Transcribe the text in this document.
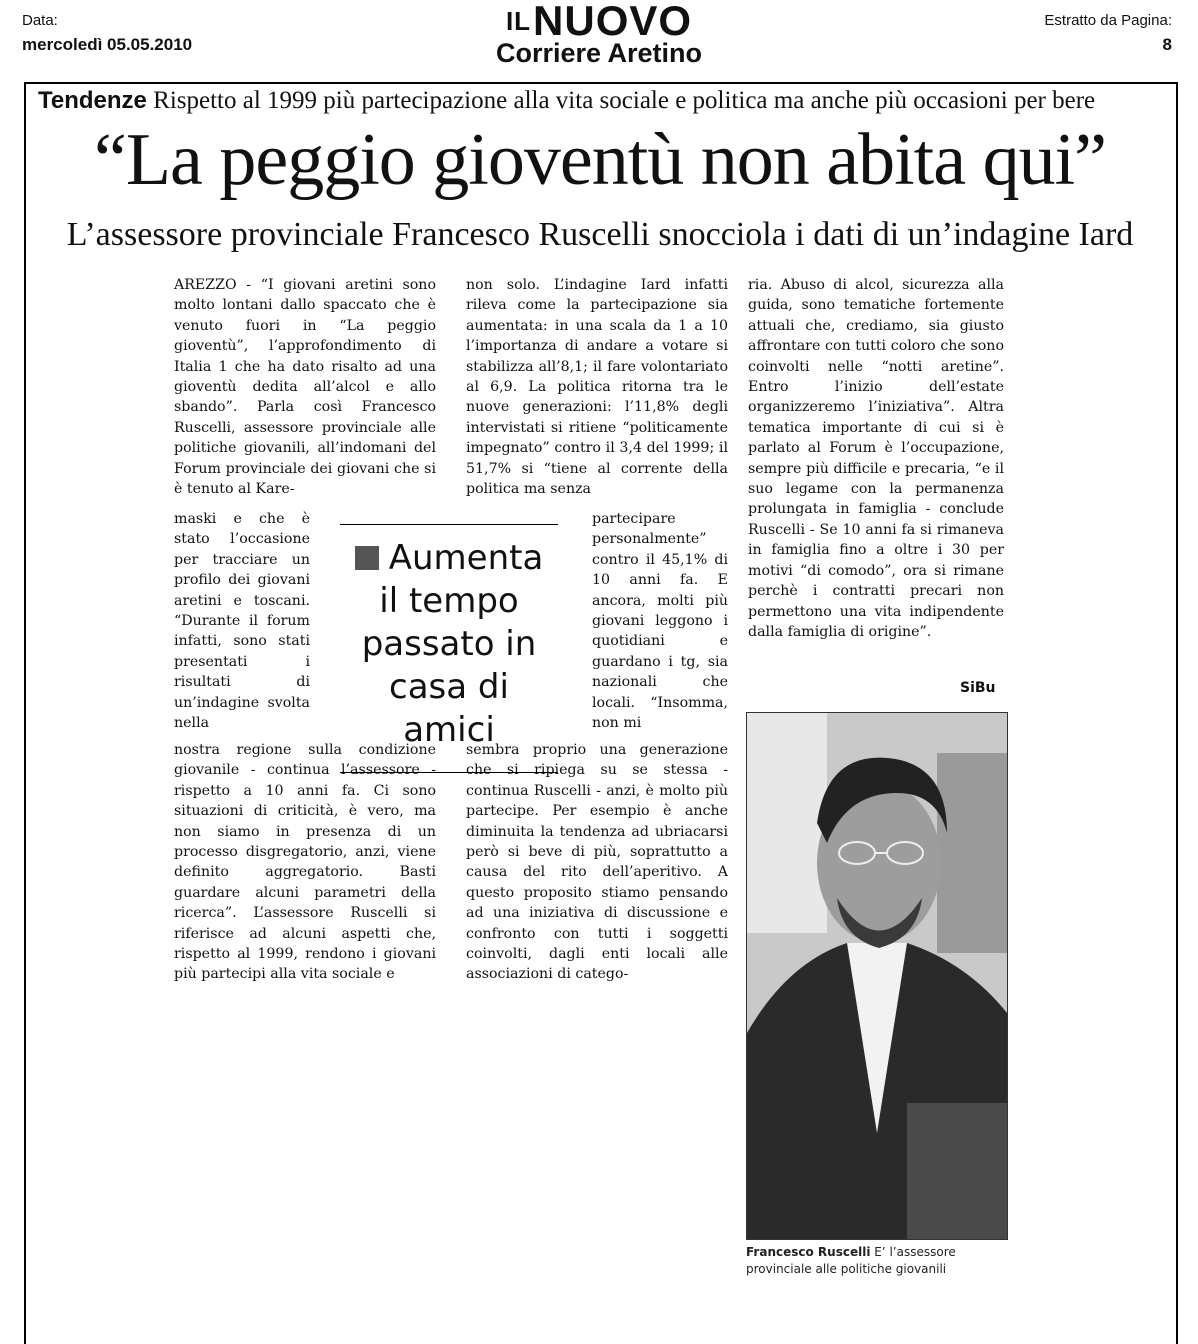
Data:
mercoledì 05.05.2010
$^{IL}$NUOVO
Corriere Aretino
Estratto da Pagina:
8
Tendenze Rispetto al 1999 più partecipazione alla vita sociale e politica ma anche più occasioni per bere
“La peggio gioventù non abita qui”
L’assessore provinciale Francesco Ruscelli snocciola i dati di un’indagine Iard
AREZZO - “I giovani aretini sono molto lontani dallo spaccato che è venuto fuori in “La peggio gioventù”, l’approfondimento di Italia 1 che ha dato risalto ad una gioventù dedita all’alcol e allo sbando”. Parla così Francesco Ruscelli, assessore provinciale alle politiche giovanili, all’indomani del Forum provinciale dei giovani che si è tenuto al Kare-
maski e che è stato l’occasione per tracciare un profilo dei giovani aretini e toscani. “Durante il forum infatti, sono stati presentati i risultati di un’indagine svolta nella
nostra regione sulla condizione giovanile - continua l’assessore - rispetto a 10 anni fa. Ci sono situazioni di criticità, è vero, ma non siamo in presenza di un processo disgregatorio, anzi, viene definito aggregatorio. Basti guardare alcuni parametri della ricerca”. L’assessore Ruscelli si riferisce ad alcuni aspetti che, rispetto al 1999, rendono i giovani più partecipi alla vita sociale e
non solo. L’indagine Iard infatti rileva come la partecipazione sia aumentata: in una scala da 1 a 10 l’importanza di andare a votare si stabilizza all’8,1; il fare volontariato al 6,9. La politica ritorna tra le nuove generazioni: l’11,8% degli intervistati si ritiene “politicamente impegnato” contro il 3,4 del 1999; il 51,7% si “tiene al corrente della politica ma senza
partecipare personalmente” contro il 45,1% di 10 anni fa. E ancora, molti più giovani leggono i quotidiani e guardano i tg, sia nazionali che locali. “Insomma, non mi
sembra proprio una generazione che si ripiega su se stessa - continua Ruscelli - anzi, è molto più partecipe. Per esempio è anche diminuita la tendenza ad ubriacarsi però si beve di più, soprattutto a causa del rito dell’aperitivo. A questo proposito stiamo pensando ad una iniziativa di discussione e confronto con tutti i soggetti coinvolti, dagli enti locali alle associazioni di catego-
Aumenta il tempo passato in casa di amici
ria. Abuso di alcol, sicurezza alla guida, sono tematiche fortemente attuali che, crediamo, sia giusto affrontare con tutti coloro che sono coinvolti nelle “notti aretine”. Entro l’inizio dell’estate organizzeremo l’iniziativa”. Altra tematica importante di cui si è parlato al Forum è l’occupazione, sempre più difficile e precaria, “e il suo legame con la permanenza prolungata in famiglia - conclude Ruscelli - Se 10 anni fa si rimaneva in famiglia fino a oltre i 30 per motivi “di comodo”, ora si rimane perchè i contratti precari non permettono una vita indipendente dalla famiglia di origine”.
SiBu
Francesco Ruscelli E’ l’assessore provinciale alle politiche giovanili
